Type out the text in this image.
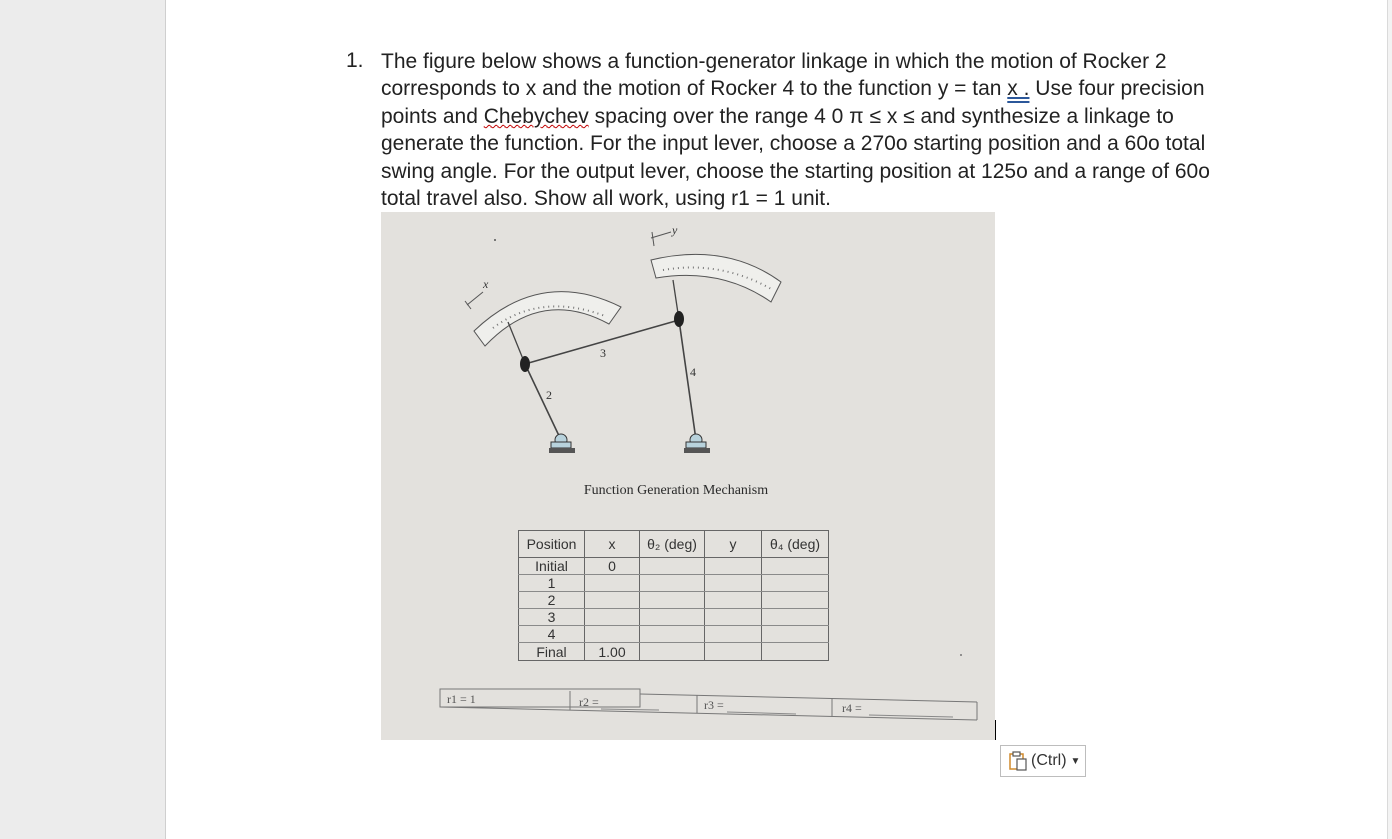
1. The figure below shows a function-generator linkage in which the motion of Rocker 2 corresponds to x and the motion of Rocker 4 to the function y = tan x . Use four precision points and Chebychev spacing over the range 4 0 π ≤ x ≤ and synthesize a linkage to generate the function. For the input lever, choose a 270o starting position and a 60o total swing angle. For the output lever, choose the starting position at 125o and a range of 60o total travel also. Show all work, using r1 = 1 unit.
2
3
4
x
y
Function Generation Mechanism
Position	x	θ₂ (deg)	y	θ₄ (deg)
Initial	0			
1				
2				
3				
4				
Final	1.00			
r1 = 1	r2 =	r3 =	r4 =
(Ctrl) ▼
